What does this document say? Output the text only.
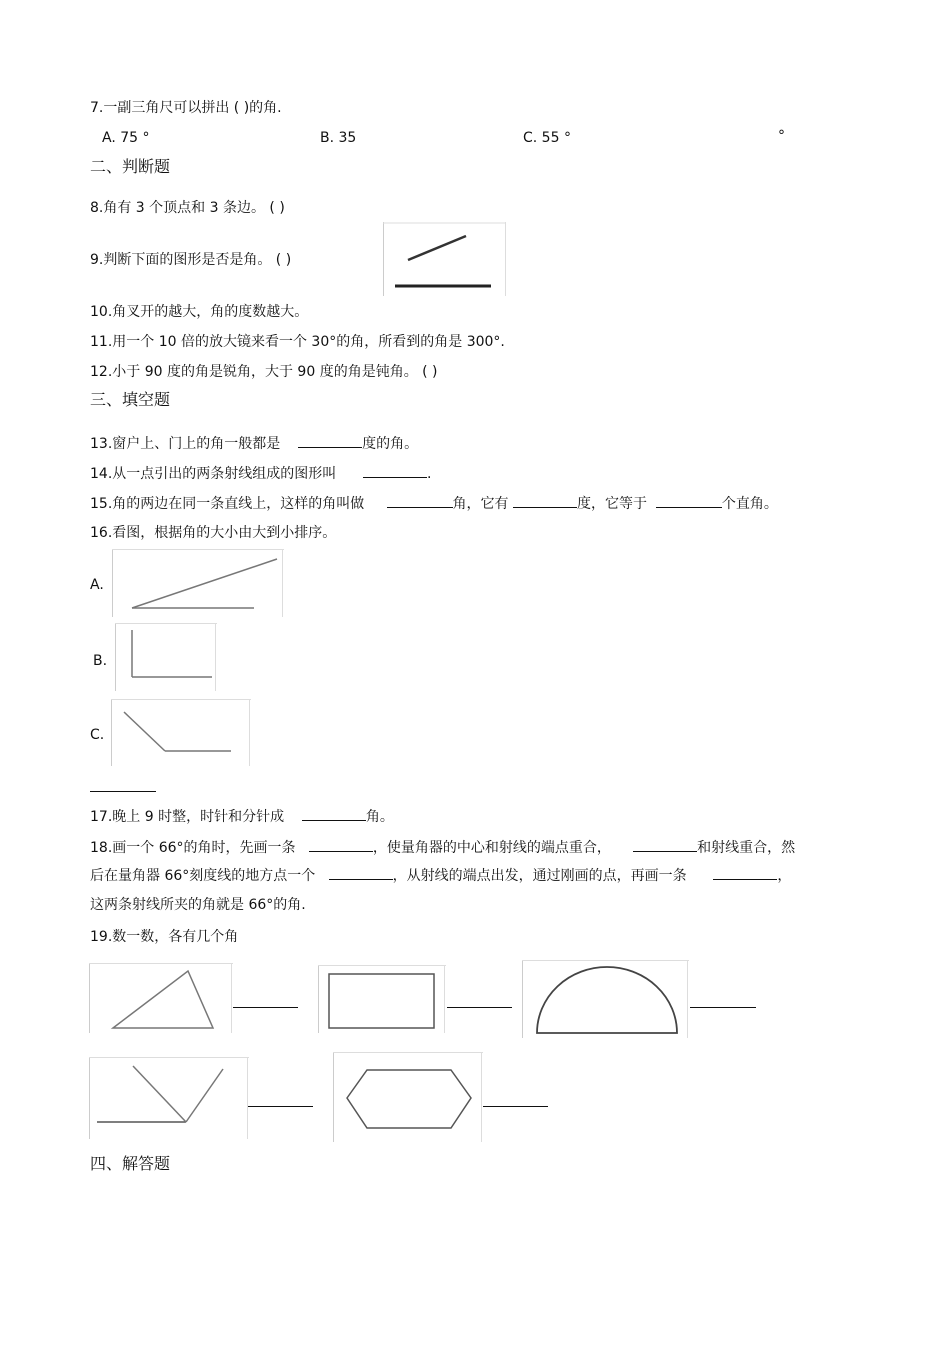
7.一副三角尺可以拼出 ( )的角.
A. 75 °	B. 35	C. 55 °	°
二、判断题
8.角有 3 个顶点和 3 条边。 ( )
9.判断下面的图形是否是角。 ( )
10.角叉开的越大，角的度数越大。
11.用一个 10 倍的放大镜来看一个 30°的角，所看到的角是 300°.
12.小于 90 度的角是锐角，大于 90 度的角是钝角。 ( )
三、填空题
13.窗户上、门上的角一般都是	度的角。
14.从一点引出的两条射线组成的图形叫	.
15.角的两边在同一条直线上，这样的角叫做	角，它有	度，它等于	个直角。
16.看图，根据角的大小由大到小排序。
A.
B.
C.
17.晚上 9 时整，时针和分针成	角。
18.画一个 66°的角时，先画一条	，使量角器的中心和射线的端点重合，	和射线重合，然
后在量角器 66°刻度线的地方点一个	，从射线的端点出发，通过刚画的点，再画一条	，
这两条射线所夹的角就是 66°的角.
19.数一数，各有几个角
四、解答题
